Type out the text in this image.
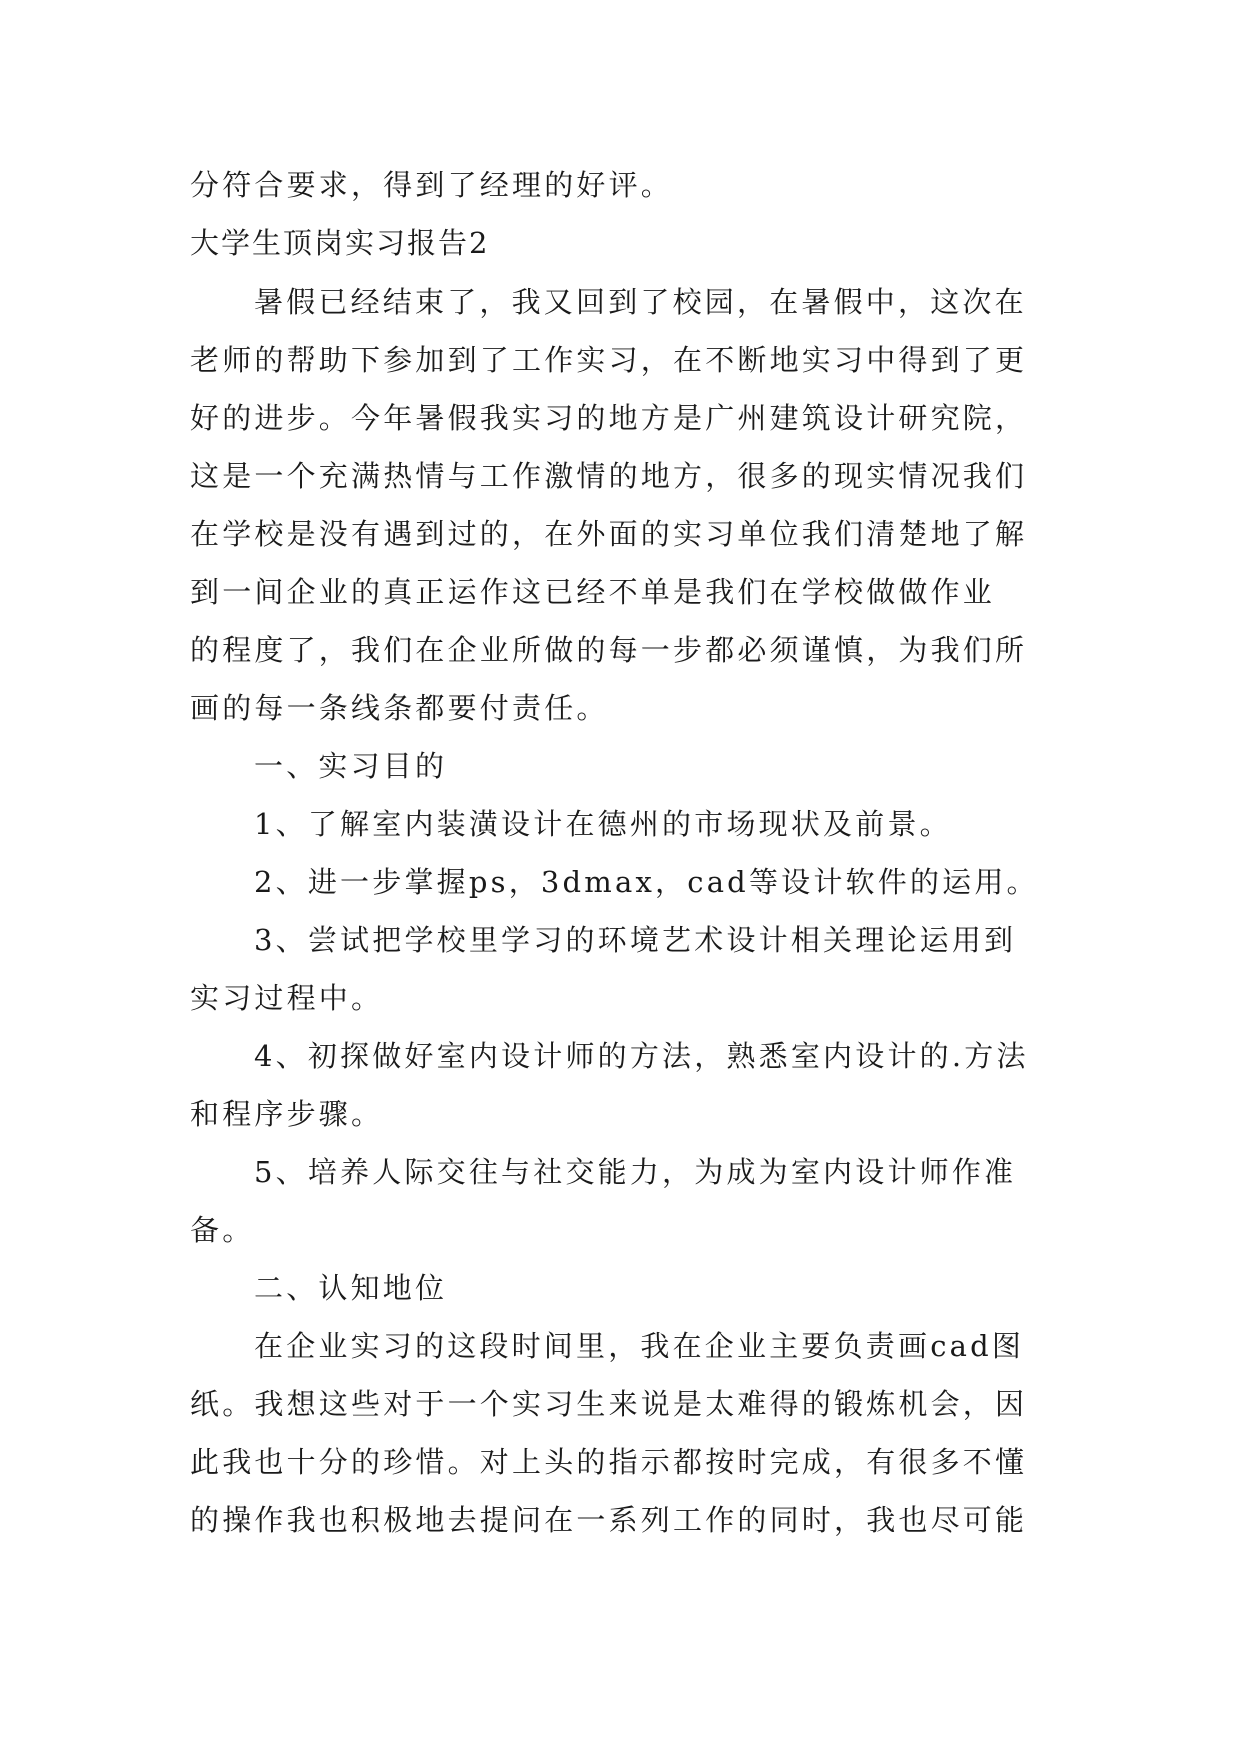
分符合要求，得到了经理的好评。
大学生顶岗实习报告2
暑假已经结束了，我又回到了校园，在暑假中，这次在
老师的帮助下参加到了工作实习，在不断地实习中得到了更
好的进步。今年暑假我实习的地方是广州建筑设计研究院，
这是一个充满热情与工作激情的地方，很多的现实情况我们
在学校是没有遇到过的，在外面的实习单位我们清楚地了解
到一间企业的真正运作这已经不单是我们在学校做做作业
的程度了，我们在企业所做的每一步都必须谨慎，为我们所
画的每一条线条都要付责任。
一、实习目的
1、了解室内装潢设计在德州的市场现状及前景。
2、进一步掌握ps，3dmax，cad等设计软件的运用。
3、尝试把学校里学习的环境艺术设计相关理论运用到
实习过程中。
4、初探做好室内设计师的方法，熟悉室内设计的.方法
和程序步骤。
5、培养人际交往与社交能力，为成为室内设计师作准
备。
二、认知地位
在企业实习的这段时间里，我在企业主要负责画cad图
纸。我想这些对于一个实习生来说是太难得的锻炼机会，因
此我也十分的珍惜。对上头的指示都按时完成，有很多不懂
的操作我也积极地去提问在一系列工作的同时，我也尽可能
